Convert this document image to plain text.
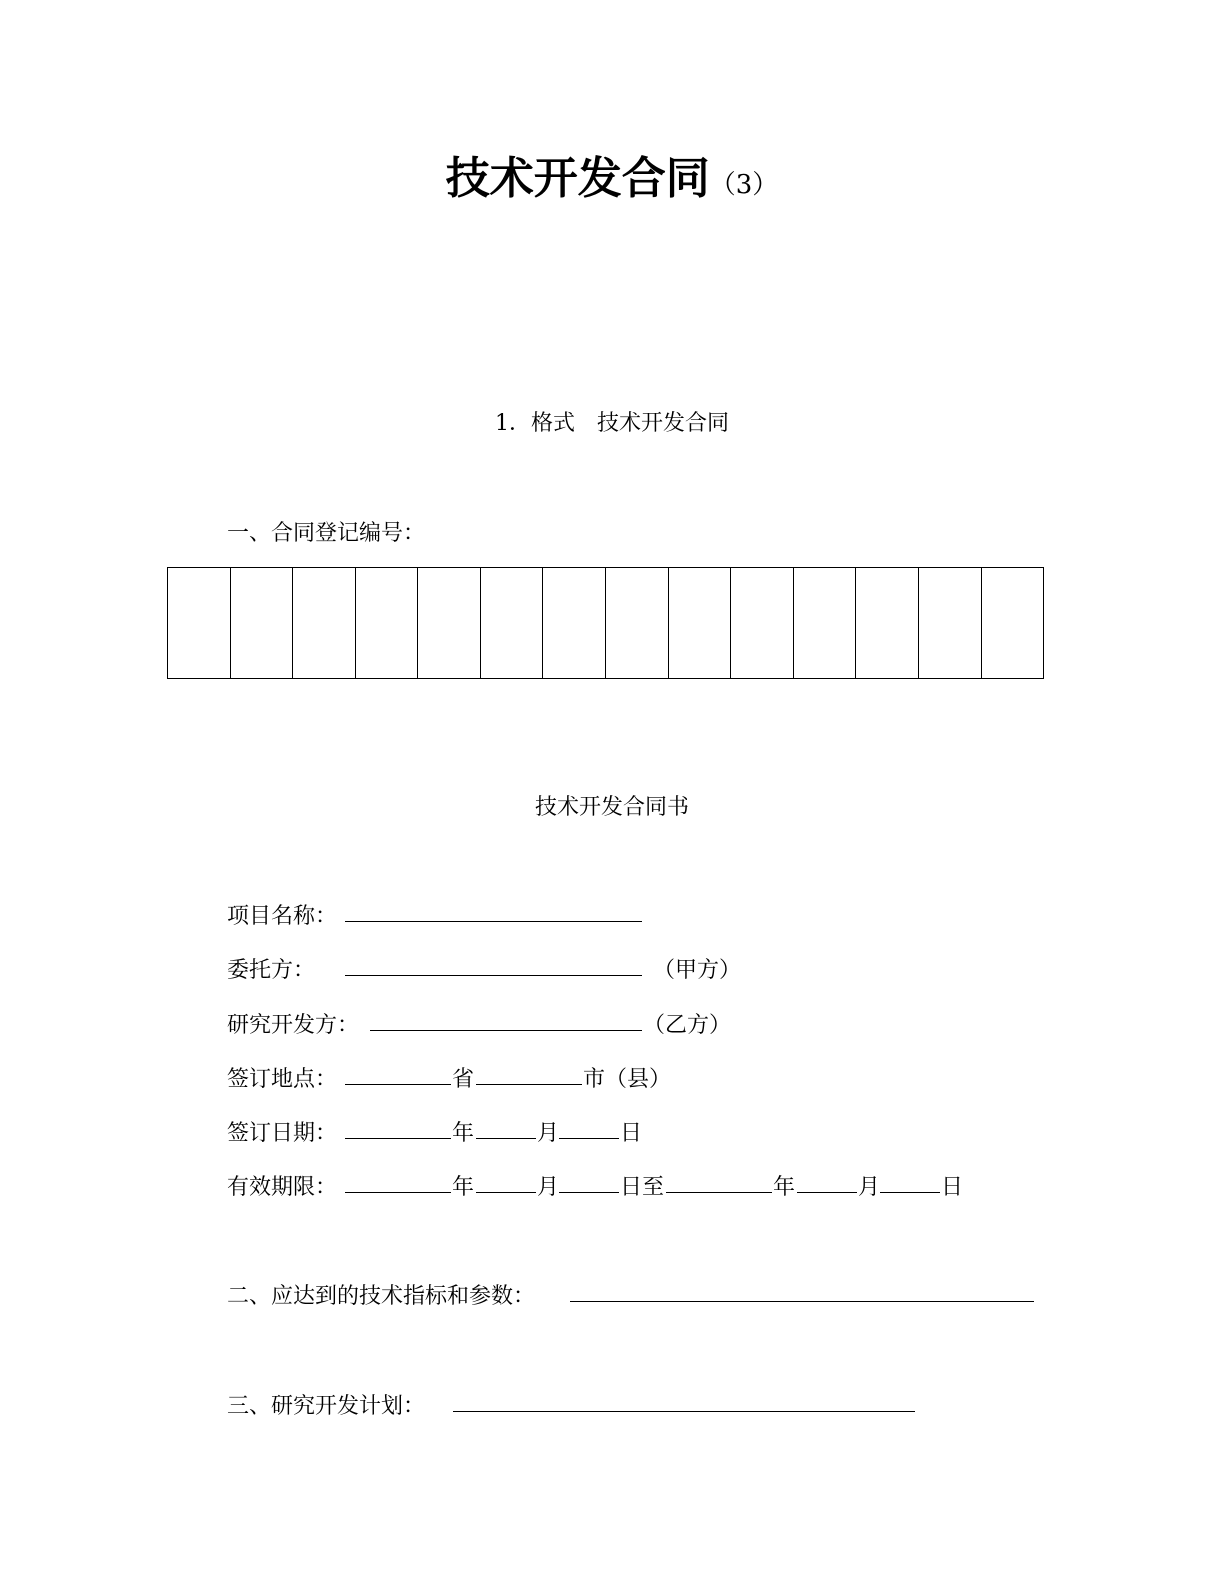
技术开发合同（3）
1．格式　技术开发合同
一、合同登记编号：
技术开发合同书
项目名称：
委托方：	（甲方）
研究开发方：	（乙方）
签订地点：	省	市（县）
签订日期：	年	月	日
有效期限：	年	月	日至	年	月	日
二、应达到的技术指标和参数：
三、研究开发计划：
